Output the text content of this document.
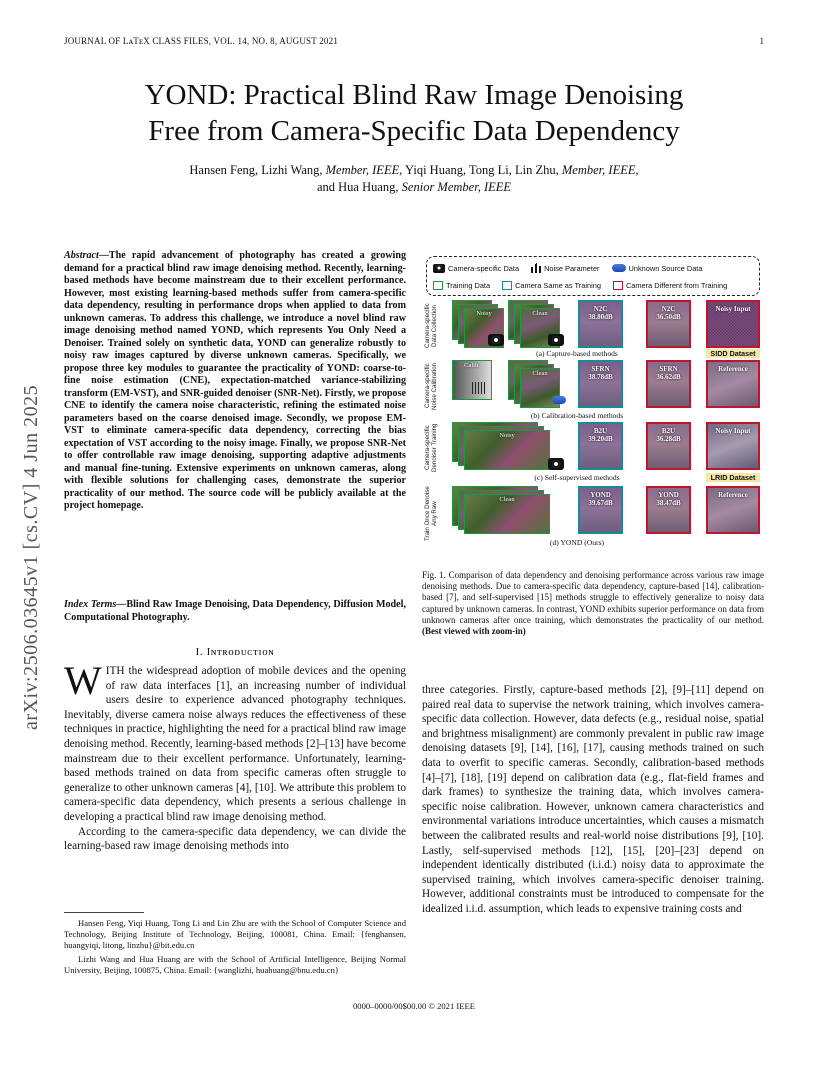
JOURNAL OF LᴀTᴇX CLASS FILES, VOL. 14, NO. 8, AUGUST 2021	1
YOND: Practical Blind Raw Image Denoising
Free from Camera-Specific Data Dependency
Hansen Feng, Lizhi Wang, Member, IEEE, Yiqi Huang, Tong Li, Lin Zhu, Member, IEEE,
and Hua Huang, Senior Member, IEEE
arXiv:2506.03645v1 [cs.CV] 4 Jun 2025
Abstract—The rapid advancement of photography has created a growing demand for a practical blind raw image denoising method. Recently, learning-based methods have become mainstream due to their excellent performance. However, most existing learning-based methods suffer from camera-specific data dependency, resulting in performance drops when applied to data from unknown cameras. To address this challenge, we introduce a novel blind raw image denoising method named YOND, which represents You Only Need a Denoiser. Trained solely on synthetic data, YOND can generalize robustly to noisy raw images captured by diverse unknown cameras. Specifically, we propose three key modules to guarantee the practicality of YOND: coarse-to-fine noise estimation (CNE), expectation-matched variance-stabilizing transform (EM-VST), and SNR-guided denoiser (SNR-Net). Firstly, we propose CNE to identify the camera noise characteristic, refining the estimated noise parameters based on the coarse denoised image. Secondly, we propose EM-VST to eliminate camera-specific data dependency, correcting the bias expectation of VST according to the noisy image. Finally, we propose SNR-Net to offer controllable raw image denoising, supporting adaptive adjustments and manual fine-tuning. Extensive experiments on unknown cameras, along with flexible solutions for challenging cases, demonstrate the superior practicality of our method. The source code will be publicly available at the project homepage.
Index Terms—Blind Raw Image Denoising, Data Dependency, Diffusion Model, Computational Photography.
I. Iɴᴛʀᴏᴅᴜᴄᴛɪᴏɴ

WITH the widespread adoption of mobile devices and the opening of raw data interfaces [1], an increasing number of individual users desire to experience advanced photography techniques. Inevitably, diverse camera noise always reduces the effectiveness of these techniques in practice, highlighting the need for a practical blind raw image denoising method. Recently, learning-based methods [2]–[13] have become mainstream due to their excellent performance. Unfortunately, learning-based methods trained on data from specific cameras often struggle to generalize to other unknown cameras [4], [10]. We attribute this problem to camera-specific data dependency, which presents a serious challenge in developing a practical blind raw image denoising method.

According to the camera-specific data dependency, we can divide the learning-based raw image denoising methods into

Hansen Feng, Yiqi Huang, Tong Li and Lin Zhu are with the School of Computer Science and Technology, Beijing Institute of Technology, Beijing, 100081, China. Email: {fenghansen, huangyiqi, litong, linzhu}@bit.edu.cn
Lizhi Wang and Hua Huang are with the School of Artificial Intelligence, Beijing Normal University, Beijing, 100875, China. Email: {wanglizhi, huahuang@bnu.edu.cn}
three categories. Firstly, capture-based methods [2], [9]–[11] depend on paired real data to supervise the network training, which involves camera-specific data collection. However, data defects (e.g., residual noise, spatial and brightness misalignment) are commonly prevalent in public raw image denoising datasets [9], [14], [16], [17], causing methods trained on such data to overfit to specific cameras. Secondly, calibration-based methods [4]–[7], [18], [19] depend on calibration data (e.g., flat-field frames and dark frames) to synthesize the training data, which involves camera-specific noise calibration. However, unknown camera characteristics and environmental variations introduce uncertainties, which causes a mismatch between the calibrated results and real-world noise distributions [9], [10]. Lastly, self-supervised methods [12], [15], [20]–[23] depend on independent identically distributed (i.i.d.) noisy data to approximate the supervised training, which involves camera-specific denoiser training. However, additional constraints must be introduced to compensate for the idealized i.i.d. assumption, which leads to expensive training costs and
0000–0000/00$00.00 © 2021 IEEE
Camera-specific Data	Noise Parameter	Unknown Source Data
Training Data	Camera Same as Training	Camera Different from Training
Camera-specific Data Collection	Noisy	Clean
N2C
38.80dB
N2C
36.50dB
Noisy Input
(a) Capture-based methods	SIDD Dataset
Camera-specific Noise Calibration	Calib.
Clean
SFRN
38.78dB
SFRN
36.62dB
Reference
(b) Calibration-based methods
Camera-specific Denoiser Training	Noisy
B2U
39.20dB
B2U
36.28dB
Noisy Input
(c) Self-supervised methods	LRID Dataset
Train Once Denoise Any Raw
Clean
YOND
39.67dB
YOND
38.47dB
Reference
(d) YOND (Ours)
Fig. 1. Comparison of data dependency and denoising performance across various raw image denoising methods. Due to camera-specific data dependency, capture-based [14], calibration-based [7], and self-supervised [15] methods struggle to effectively generalize to noisy data captured by unknown cameras. In contrast, YOND exhibits superior performance on data from unknown cameras after once training, which demonstrates the practicality of our method. (Best viewed with zoom-in)
